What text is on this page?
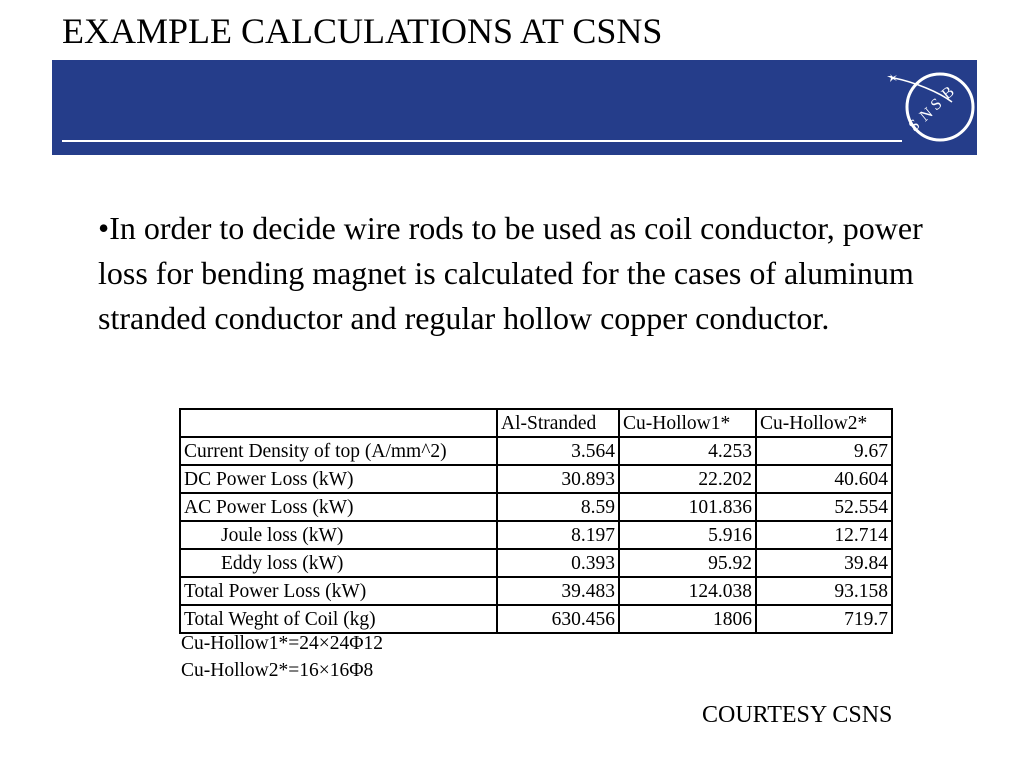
EXAMPLE CALCULATIONS AT CSNS
S
N
S
B
•In order to decide wire rods to be used as coil conductor, power loss for bending magnet is calculated for the cases of aluminum stranded conductor and regular hollow copper conductor.
	Al-Stranded	Cu-Hollow1*	Cu-Hollow2*
Current Density of top (A/mm^2)	3.564	4.253	9.67
DC Power Loss (kW)	30.893	22.202	40.604
AC Power Loss (kW)	8.59	101.836	52.554
Joule loss (kW)	8.197	5.916	12.714
Eddy loss (kW)	0.393	95.92	39.84
Total Power Loss (kW)	39.483	124.038	93.158
Total Weght of Coil (kg)	630.456	1806	719.7
Cu-Hollow1*=24×24Φ12
Cu-Hollow2*=16×16Φ8
COURTESY CSNS
